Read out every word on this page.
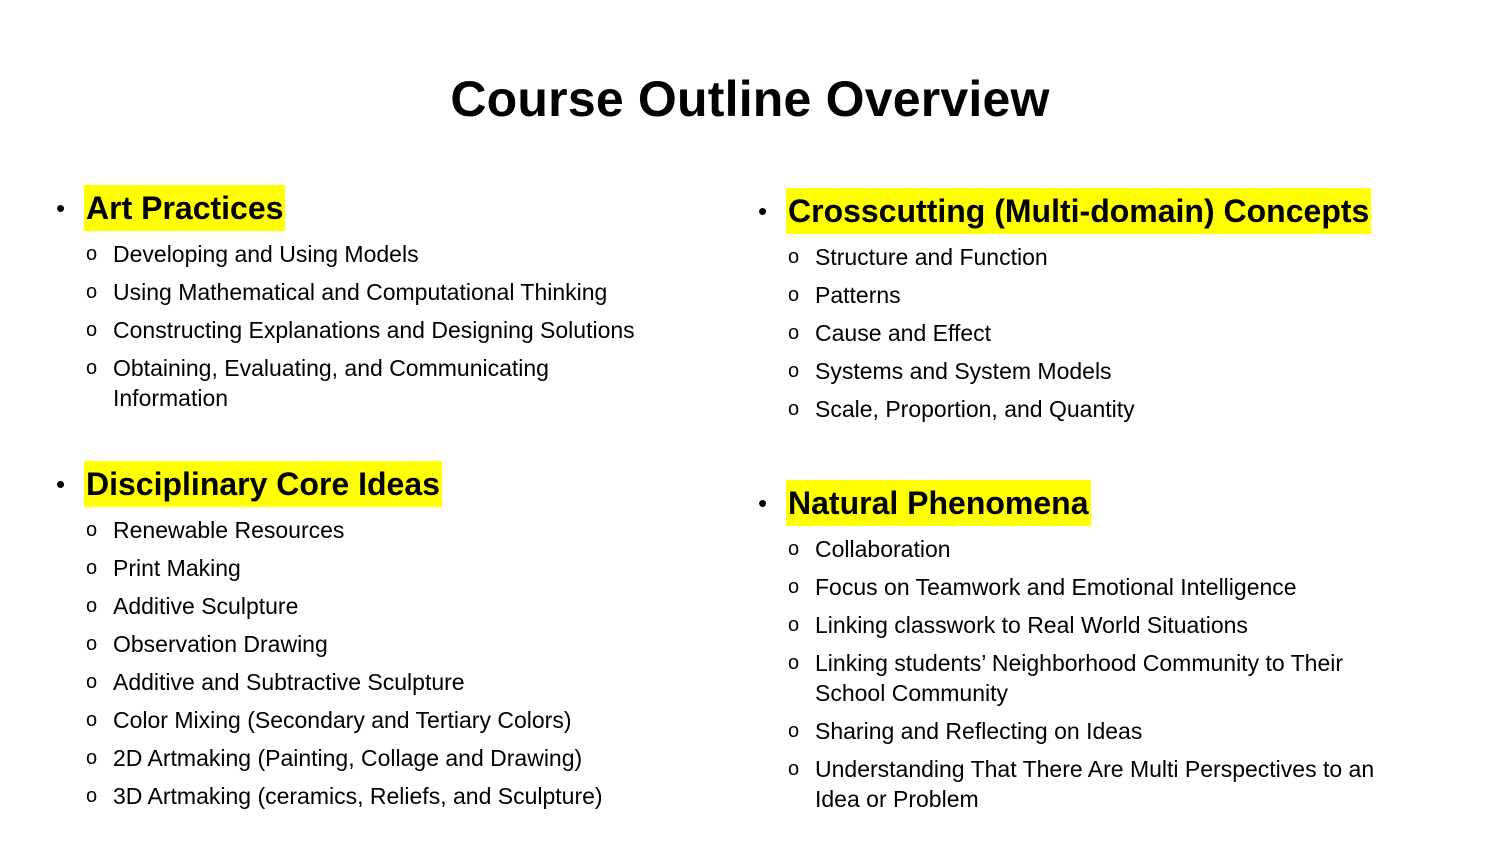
Course Outline Overview
• Art Practices
o Developing and Using Models
o Using Mathematical and Computational Thinking
o Constructing Explanations and Designing Solutions
o Obtaining, Evaluating, and Communicating Information
• Disciplinary Core Ideas
o Renewable Resources
o Print Making
o Additive Sculpture
o Observation Drawing
o Additive and Subtractive Sculpture
o Color Mixing (Secondary and Tertiary Colors)
o 2D Artmaking (Painting, Collage and Drawing)
o 3D Artmaking (ceramics, Reliefs, and Sculpture)
• Crosscutting (Multi-domain) Concepts
o Structure and Function
o Patterns
o Cause and Effect
o Systems and System Models
o Scale, Proportion, and Quantity
• Natural Phenomena
o Collaboration
o Focus on Teamwork and Emotional Intelligence
o Linking classwork to Real World Situations
o Linking students’ Neighborhood Community to Their School Community
o Sharing and Reflecting on Ideas
o Understanding That There Are Multi Perspectives to an Idea or Problem
